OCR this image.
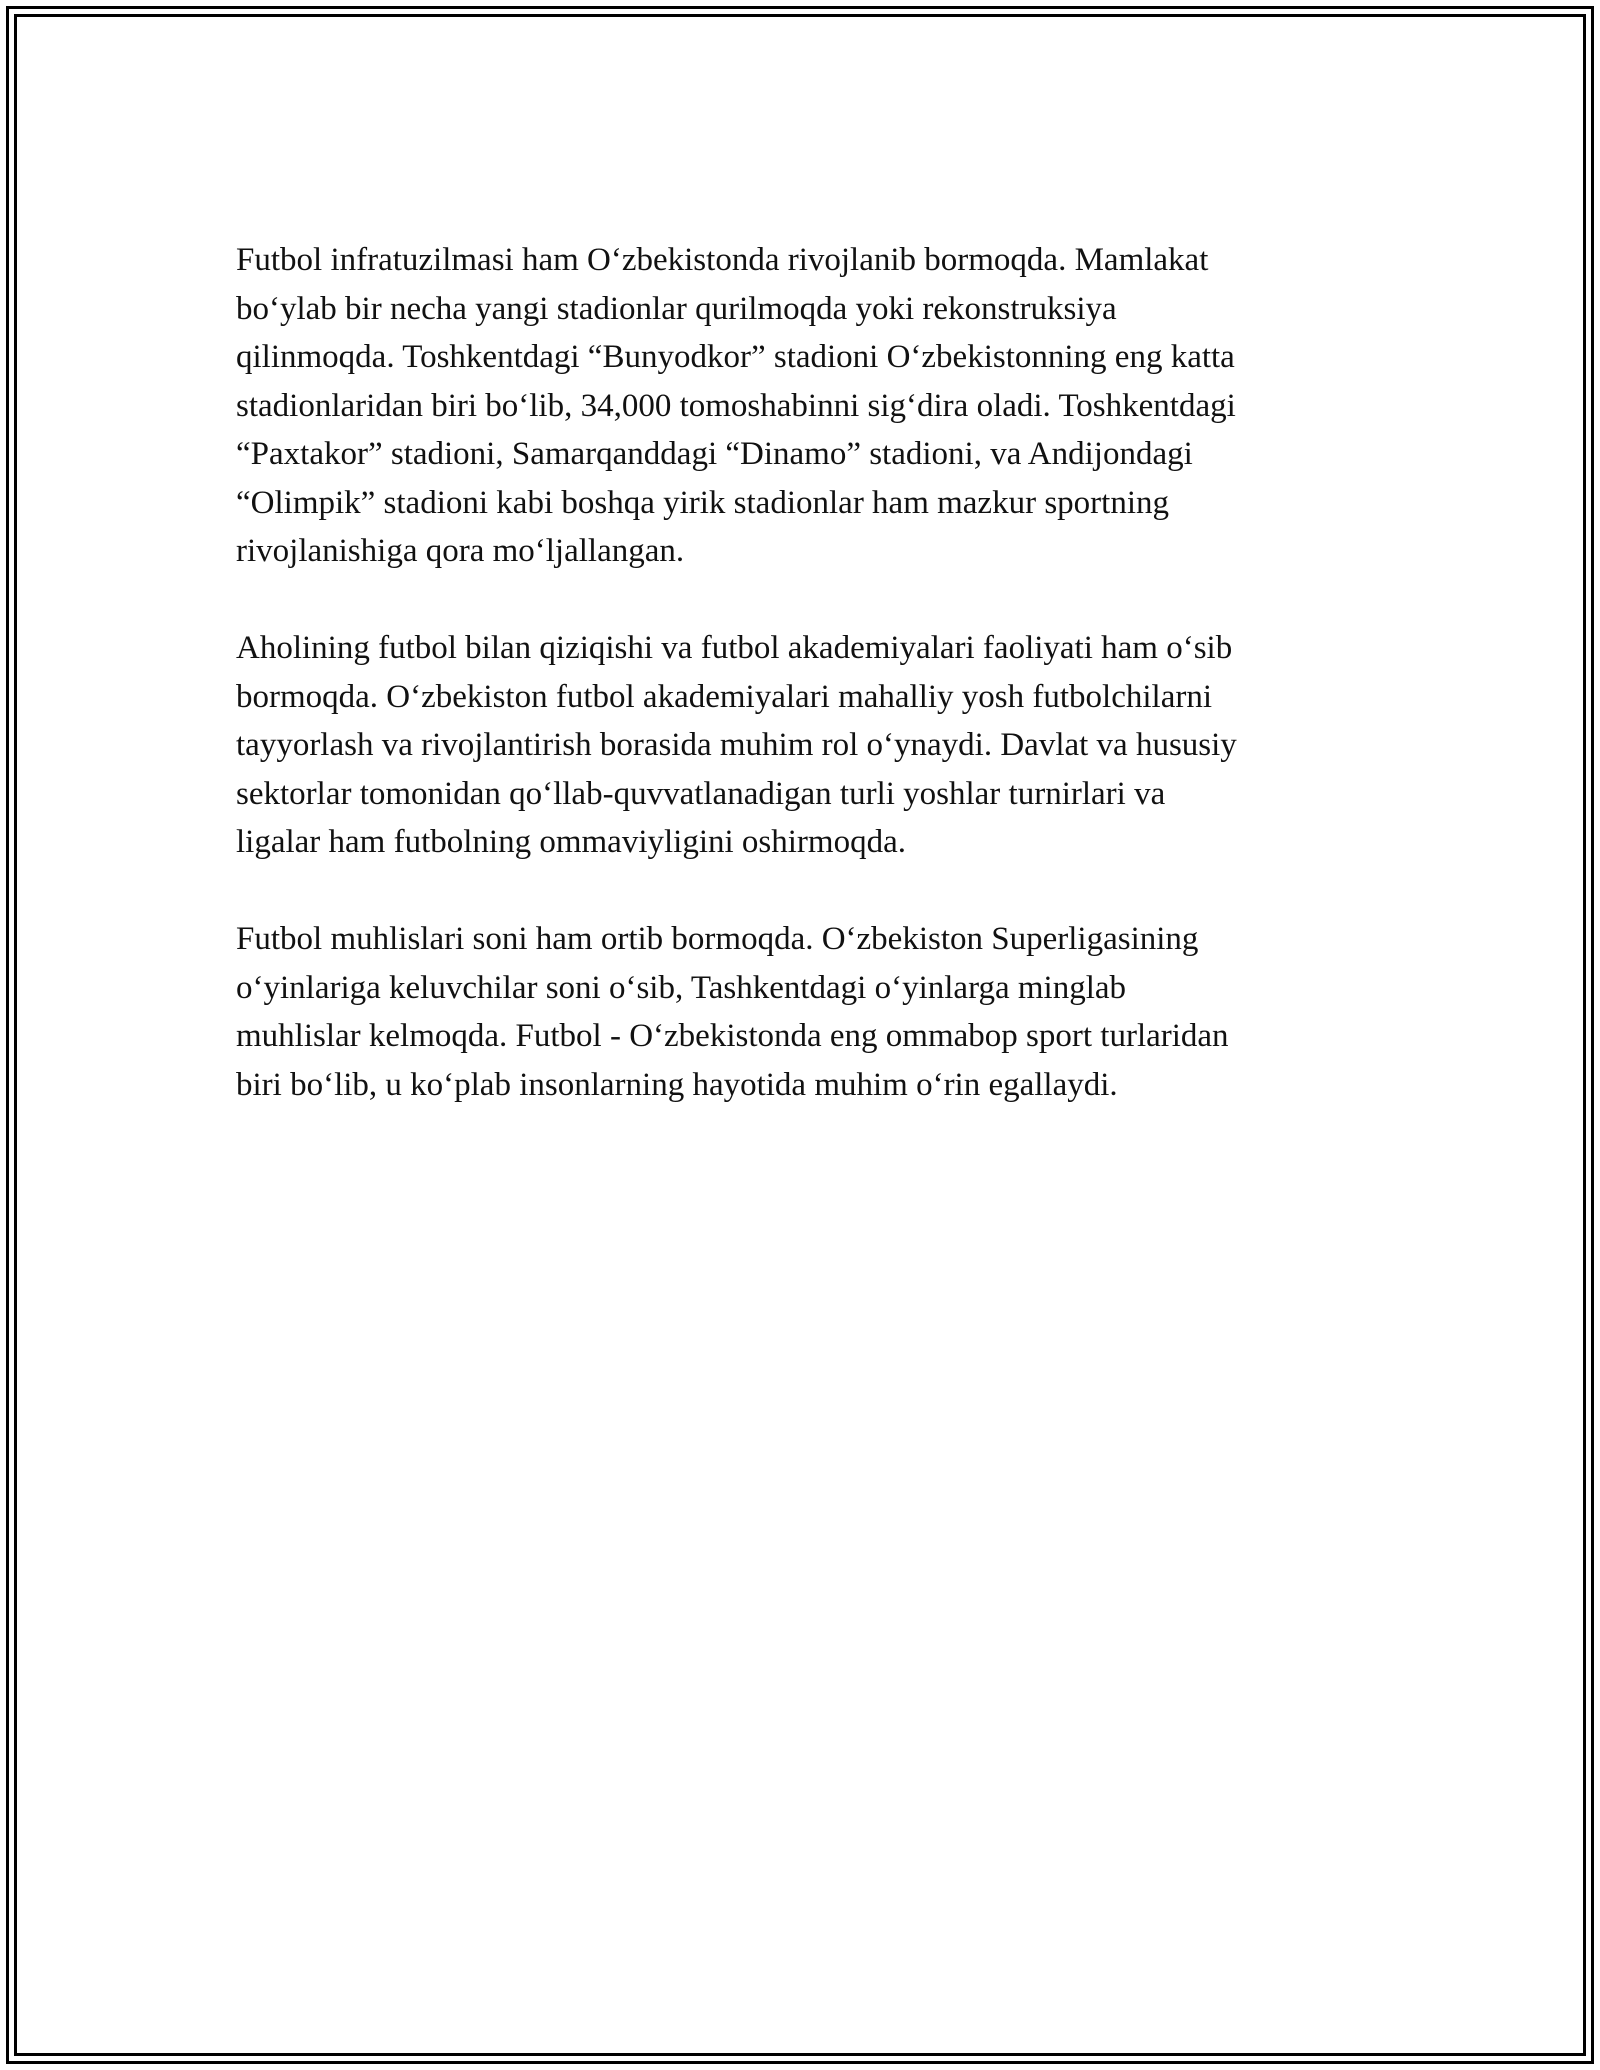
Futbol infratuzilmasi ham O‘zbekistonda rivojlanib bormoqda. Mamlakat
bo‘ylab bir necha yangi stadionlar qurilmoqda yoki rekonstruksiya
qilinmoqda. Toshkentdagi “Bunyodkor” stadioni O‘zbekistonning eng katta
stadionlaridan biri bo‘lib, 34,000 tomoshabinni sig‘dira oladi. Toshkentdagi
“Paxtakor” stadioni, Samarqanddagi “Dinamo” stadioni, va Andijondagi
“Olimpik” stadioni kabi boshqa yirik stadionlar ham mazkur sportning
rivojlanishiga qora mo‘ljallangan.

Aholining futbol bilan qiziqishi va futbol akademiyalari faoliyati ham o‘sib
bormoqda. O‘zbekiston futbol akademiyalari mahalliy yosh futbolchilarni
tayyorlash va rivojlantirish borasida muhim rol o‘ynaydi. Davlat va hususiy
sektorlar tomonidan qo‘llab-quvvatlanadigan turli yoshlar turnirlari va
ligalar ham futbolning ommaviyligini oshirmoqda.

Futbol muhlislari soni ham ortib bormoqda. O‘zbekiston Superligasining
o‘yinlariga keluvchilar soni o‘sib, Tashkentdagi o‘yinlarga minglab
muhlislar kelmoqda. Futbol - O‘zbekistonda eng ommabop sport turlaridan
biri bo‘lib, u ko‘plab insonlarning hayotida muhim o‘rin egallaydi.
